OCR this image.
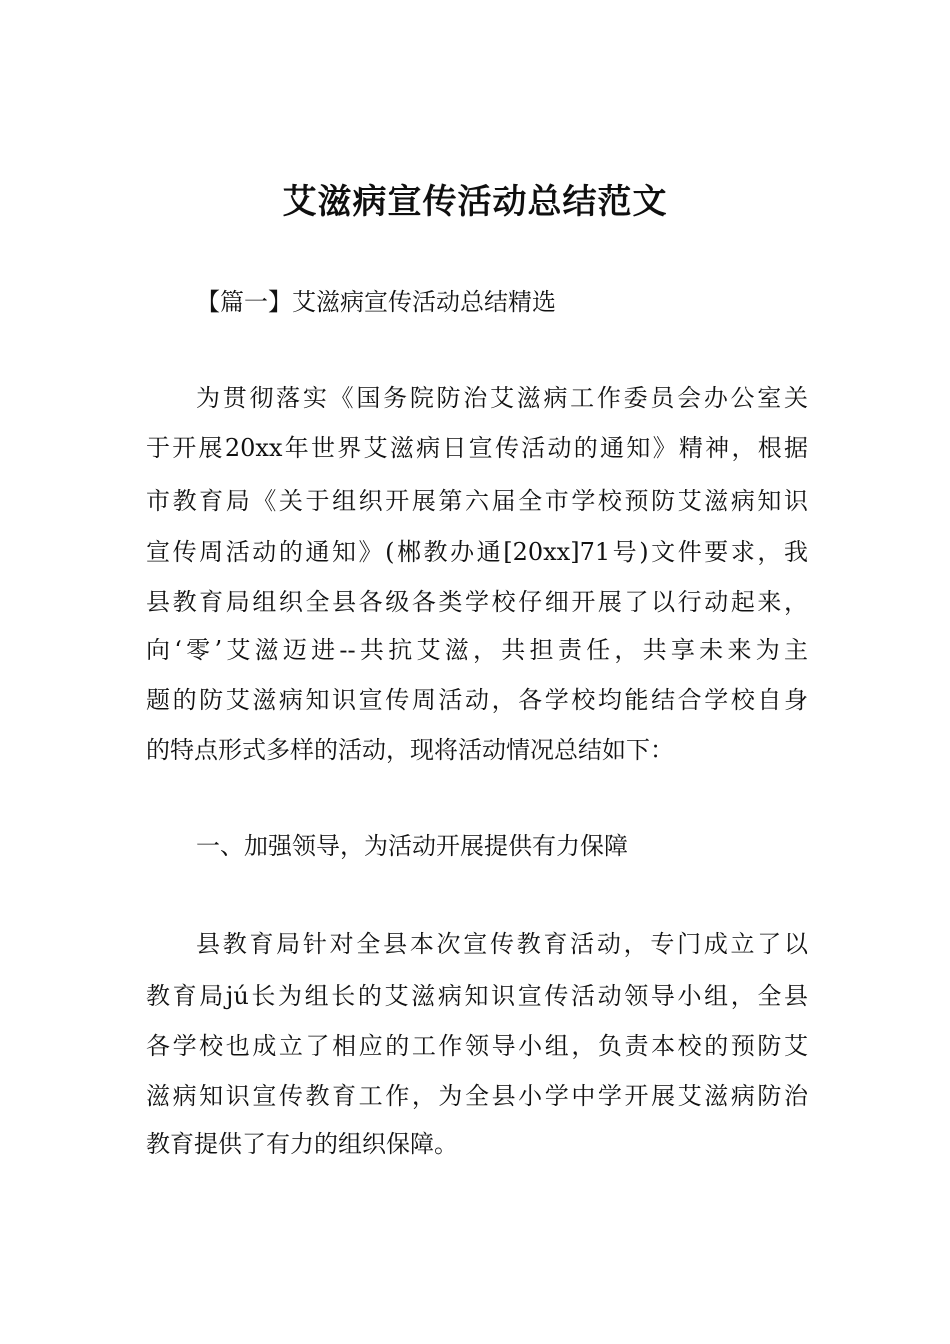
艾滋病宣传活动总结范文

【篇一】艾滋病宣传活动总结精选

为贯彻落实《国务院防治艾滋病工作委员会办公室关

于开展20xx年世界艾滋病日宣传活动的通知》精神，根据

市教育局《关于组织开展第六届全市学校预防艾滋病知识

宣传周活动的通知》(郴教办通[20xx]71号)文件要求，我

县教育局组织全县各级各类学校仔细开展了以行动起来，

向‘零’艾滋迈进--共抗艾滋，共担责任，共享未来为主

题的防艾滋病知识宣传周活动，各学校均能结合学校自身

的特点形式多样的活动，现将活动情况总结如下：

一、加强领导，为活动开展提供有力保障

县教育局针对全县本次宣传教育活动，专门成立了以

教育局jú长为组长的艾滋病知识宣传活动领导小组，全县

各学校也成立了相应的工作领导小组，负责本校的预防艾

滋病知识宣传教育工作，为全县小学中学开展艾滋病防治

教育提供了有力的组织保障。
